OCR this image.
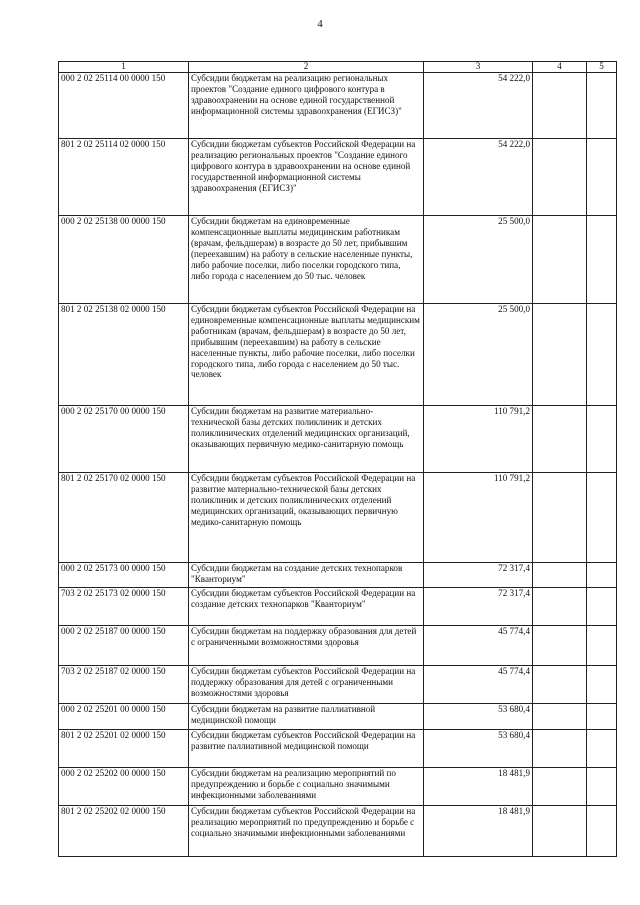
4
1	2	3	4	5
000 2 02 25114 00 0000 150	Субсидии бюджетам на реализацию региональных проектов "Создание единого цифрового контура в здравоохранении на основе единой государственной информационной системы здравоохранения (ЕГИСЗ)"	54 222,0		
801 2 02 25114 02 0000 150	Субсидии бюджетам субъектов Российской Федерации на реализацию региональных проектов "Создание единого цифрового контура в здравоохранении на основе единой государственной информационной системы здравоохранения (ЕГИСЗ)"	54 222,0		
000 2 02 25138 00 0000 150	Субсидии бюджетам на единовременные компенсационные выплаты медицинским работникам (врачам, фельдшерам) в возрасте до 50 лет, прибывшим (переехавшим) на работу в сельские населенные пункты, либо рабочие поселки, либо поселки городского типа, либо города с населением до 50 тыс. человек	25 500,0		
801 2 02 25138 02 0000 150	Субсидии бюджетам субъектов Российской Федерации на единовременные компенсационные выплаты медицинским работникам (врачам, фельдшерам) в возрасте до 50 лет, прибывшим (переехавшим) на работу в сельские населенные пункты, либо рабочие поселки, либо поселки городского типа, либо города с населением до 50 тыс. человек	25 500,0		
000 2 02 25170 00 0000 150	Субсидии бюджетам на развитие материально-технической базы детских поликлиник и детских поликлинических отделений медицинских организаций, оказывающих первичную медико-санитарную помощь	110 791,2		
801 2 02 25170 02 0000 150	Субсидии бюджетам субъектов Российской Федерации на развитие материально-технической базы детских поликлиник и детских поликлинических отделений медицинских организаций, оказывающих первичную медико-санитарную помощь	110 791,2		
000 2 02 25173 00 0000 150	Субсидии бюджетам на создание детских технопарков "Кванториум"	72 317,4		
703 2 02 25173 02 0000 150	Субсидии бюджетам субъектов Российской Федерации на создание детских технопарков "Кванториум"	72 317,4		
000 2 02 25187 00 0000 150	Субсидии бюджетам на поддержку образования для детей с ограниченными возможностями здоровья	45 774,4		
703 2 02 25187 02 0000 150	Субсидии бюджетам субъектов Российской Федерации на поддержку образования для детей с ограниченными возможностями здоровья	45 774,4		
000 2 02 25201 00 0000 150	Субсидии бюджетам на развитие паллиативной медицинской помощи	53 680,4		
801 2 02 25201 02 0000 150	Субсидии бюджетам субъектов Российской Федерации на развитие паллиативной медицинской помощи	53 680,4		
000 2 02 25202 00 0000 150	Субсидии бюджетам на реализацию мероприятий по предупреждению и борьбе с социально значимыми инфекционными заболеваниями	18 481,9		
801 2 02 25202 02 0000 150	Субсидии бюджетам субъектов Российской Федерации на реализацию мероприятий по предупреждению и борьбе с социально значимыми инфекционными заболеваниями	18 481,9		
